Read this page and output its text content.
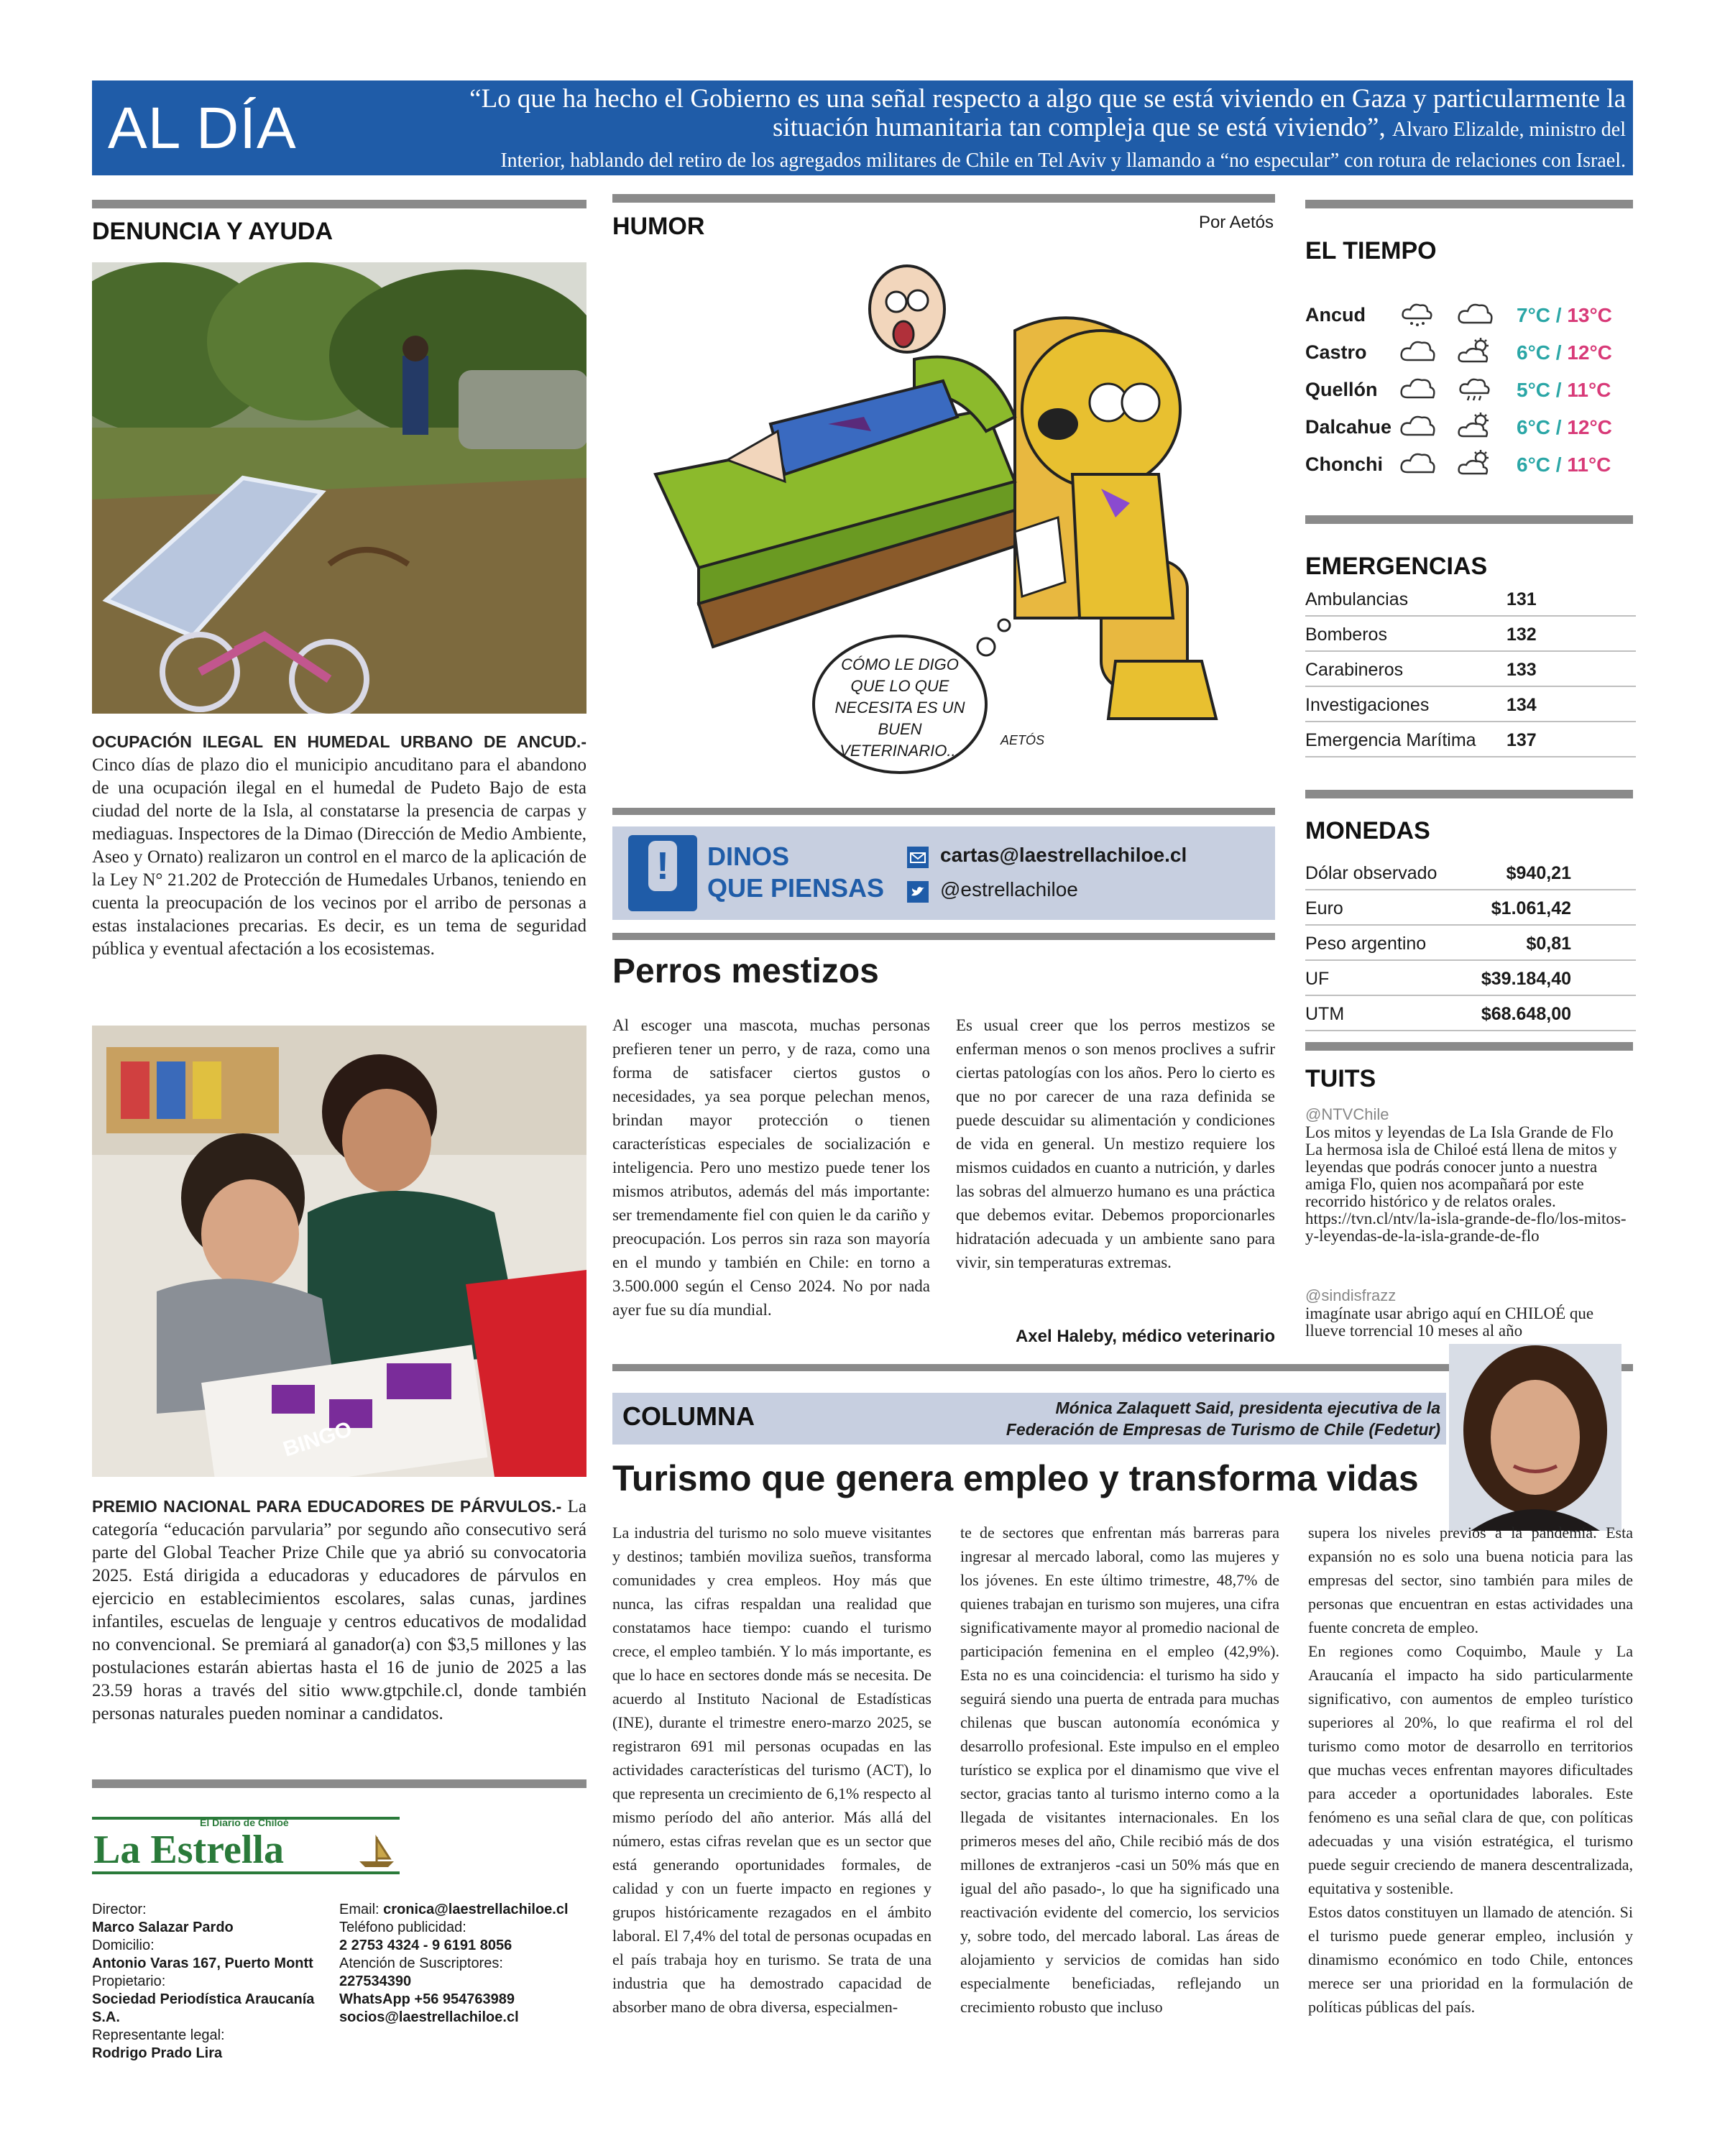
AL DÍA	“Lo que ha hecho el Gobierno es una señal respecto a algo que se está viviendo en Gaza y particularmente la situación humanitaria tan compleja que se está viviendo”, Alvaro Elizalde, ministro del
Interior, hablando del retiro de los agregados militares de Chile en Tel Aviv y llamando a “no especular” con rotura de relaciones con Israel.
DENUNCIA Y AYUDA
OCUPACIÓN ILEGAL EN HUMEDAL URBANO DE ANCUD.- Cinco días de plazo dio el municipio ancuditano para el abandono de una ocupación ilegal en el humedal de Pudeto Bajo de esta ciudad del norte de la Isla, al constatarse la presencia de carpas y mediaguas. Inspectores de la Dimao (Dirección de Medio Ambiente, Aseo y Ornato) realizaron un control en el marco de la aplicación de la Ley N° 21.202 de Protección de Humedales Urbanos, teniendo en cuenta la preocupación de los vecinos por el arribo de personas a estas instalaciones precarias. Es decir, es un tema de seguridad pública y eventual afectación a los ecosistemas.
BINGO
PREMIO NACIONAL PARA EDUCADORES DE PÁRVULOS.- La categoría “educación parvularia” por segundo año consecutivo será parte del Global Teacher Prize Chile que ya abrió su convocatoria 2025. Está dirigida a educadoras y educadores de párvulos en ejercicio en establecimientos escolares, salas cunas, jardines infantiles, escuelas de lenguaje y centros educativos de modalidad no convencional. Se premiará al ganador(a) con $3,5 millones y las postulaciones estarán abiertas hasta el 16 de junio de 2025 a las 23.59 horas a través del sitio www.gtpchile.cl, donde también personas naturales pueden nominar a candidatos.
El Diario de Chiloé
La Estrella
Director:
Marco Salazar Pardo
Domicilio:
Antonio Varas 167, Puerto Montt
Propietario:
Sociedad Periodística Araucanía S.A.
Representante legal:
Rodrigo Prado Lira
Email: cronica@laestrellachiloe.cl
Teléfono publicidad:
2 2753 4324 - 9 6191 8056
Atención de Suscriptores:
227534390
WhatsApp +56 954763989
socios@laestrellachiloe.cl
HUMOR	Por Aetós
CÓMO LE DIGO QUE LO QUE NECESITA ES UN BUEN VETERINARIO...
AETÓS
!	DINOS
QUE PIENSAS
cartas@laestrellachiloe.cl
@estrellachiloe
Perros mestizos
Al escoger una mascota, muchas personas prefieren tener un perro, y de raza, como una forma de satisfacer ciertos gustos o necesidades, ya sea porque pelechan menos, brindan mayor protección o tienen características especiales de socialización e inteligencia. Pero uno mestizo puede tener los mismos atributos, además del más importante: ser tremendamente fiel con quien le da cariño y preocupación. Los perros sin raza son mayoría en el mundo y también en Chile: en torno a 3.500.000 según el Censo 2024. No por nada ayer fue su día mundial.
Es usual creer que los perros mestizos se enferman menos o son menos proclives a sufrir ciertas patologías con los años. Pero lo cierto es que no por carecer de una raza definida se puede descuidar su alimentación y condiciones de vida en general. Un mestizo requiere los mismos cuidados en cuanto a nutrición, y darles las sobras del almuerzo humano es una práctica que debemos evitar. Debemos proporcionarles hidratación adecuada y un ambiente sano para vivir, sin temperaturas extremas.
Axel Haleby, médico veterinario
COLUMNA	Mónica Zalaquett Said, presidenta ejecutiva de la
Federación de Empresas de Turismo de Chile (Fedetur)
Turismo que genera empleo y transforma vidas
La industria del turismo no solo mueve visitantes y destinos; también moviliza sueños, transforma comunidades y crea empleos. Hoy más que nunca, las cifras respaldan una realidad que constatamos hace tiempo: cuando el turismo crece, el empleo también. Y lo más importante, es que lo hace en sectores donde más se necesita. De acuerdo al Instituto Nacional de Estadísticas (INE), durante el trimestre enero-marzo 2025, se registraron 691 mil personas ocupadas en las actividades características del turismo (ACT), lo que representa un crecimiento de 6,1% respecto al mismo período del año anterior. Más allá del número, estas cifras revelan que es un sector que está generando oportunidades formales, de calidad y con un fuerte impacto en regiones y grupos históricamente rezagados en el ámbito laboral. El 7,4% del total de personas ocupadas en el país trabaja hoy en turismo. Se trata de una industria que ha demostrado capacidad de absorber mano de obra diversa, especialmen-
te de sectores que enfrentan más barreras para ingresar al mercado laboral, como las mujeres y los jóvenes. En este último trimestre, 48,7% de quienes trabajan en turismo son mujeres, una cifra significativamente mayor al promedio nacional de participación femenina en el empleo (42,9%). Esta no es una coincidencia: el turismo ha sido y seguirá siendo una puerta de entrada para muchas chilenas que buscan autonomía económica y desarrollo profesional. Este impulso en el empleo turístico se explica por el dinamismo que vive el sector, gracias tanto al turismo interno como a la llegada de visitantes internacionales. En los primeros meses del año, Chile recibió más de dos millones de extranjeros -casi un 50% más que en igual del año pasado-, lo que ha significado una reactivación evidente del comercio, los servicios y, sobre todo, del mercado laboral. Las áreas de alojamiento y servicios de comidas han sido especialmente beneficiadas, reflejando un crecimiento robusto que incluso
supera los niveles previos a la pandemia. Esta expansión no es solo una buena noticia para las empresas del sector, sino también para miles de personas que encuentran en estas actividades una fuente concreta de empleo.
En regiones como Coquimbo, Maule y La Araucanía el impacto ha sido particularmente significativo, con aumentos de empleo turístico superiores al 20%, lo que reafirma el rol del turismo como motor de desarrollo en territorios que muchas veces enfrentan mayores dificultades para acceder a oportunidades laborales. Este fenómeno es una señal clara de que, con políticas adecuadas y una visión estratégica, el turismo puede seguir creciendo de manera descentralizada, equitativa y sostenible.
Estos datos constituyen un llamado de atención. Si el turismo puede generar empleo, inclusión y dinamismo económico en todo Chile, entonces merece ser una prioridad en la formulación de políticas públicas del país.
EL TIEMPO
Ancud	7°C / 13°C
Castro	6°C / 12°C
Quellón	5°C / 11°C
Dalcahue	6°C / 12°C
Chonchi	6°C / 11°C
EMERGENCIAS
Ambulancias	131
Bomberos	132
Carabineros	133
Investigaciones	134
Emergencia Marítima 137
MONEDAS
Dólar observado	$940,21
Euro	$1.061,42
Peso argentino	$0,81
UF	$39.184,40
UTM	$68.648,00
TUITS
@NTVChile
Los mitos y leyendas de La Isla Grande de Flo La hermosa isla de Chiloé está llena de mitos y leyendas que podrás conocer junto a nuestra amiga Flo, quien nos acompañará por este recorrido histórico y de relatos orales. https://tvn.cl/ntv/la-isla-grande-de-flo/los-mitos-y-leyendas-de-la-isla-grande-de-flo
@sindisfrazz
imagínate usar abrigo aquí en CHILOÉ que llueve torrencial 10 meses al año
